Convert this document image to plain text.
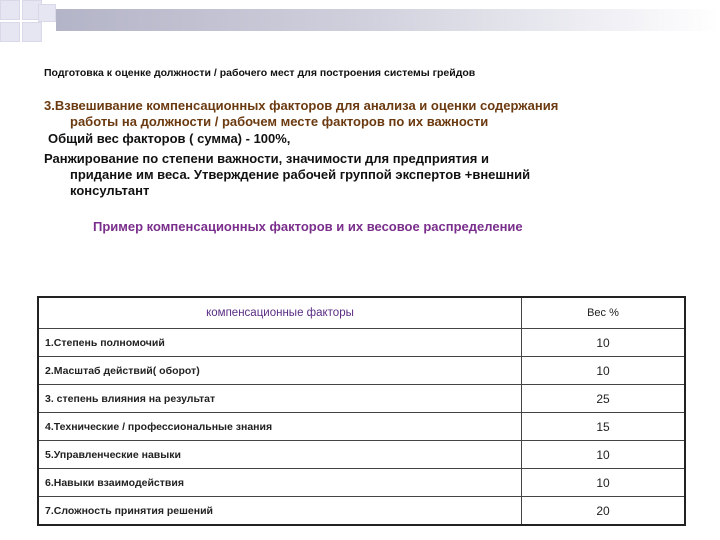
Подготовка к оценке должности / рабочего мест для построения системы грейдов
3.Взвешивание компенсационных факторов для анализа и оценки содержания
работы на должности / рабочем месте факторов по их важности
Общий вес факторов ( сумма) - 100%,
Ранжирование по степени важности, значимости для предприятия и
придание им веса. Утверждение рабочей группой экспертов +внешний
консультант
Пример компенсационных факторов и их весовое распределение
компенсационные факторы	Вес %
1.Степень полномочий	10
2.Масштаб действий( оборот)	10
3. степень влияния на результат	25
4.Технические / профессиональные знания	15
5.Управленческие навыки	10
6.Навыки взаимодействия	10
7.Сложность принятия решений	20
